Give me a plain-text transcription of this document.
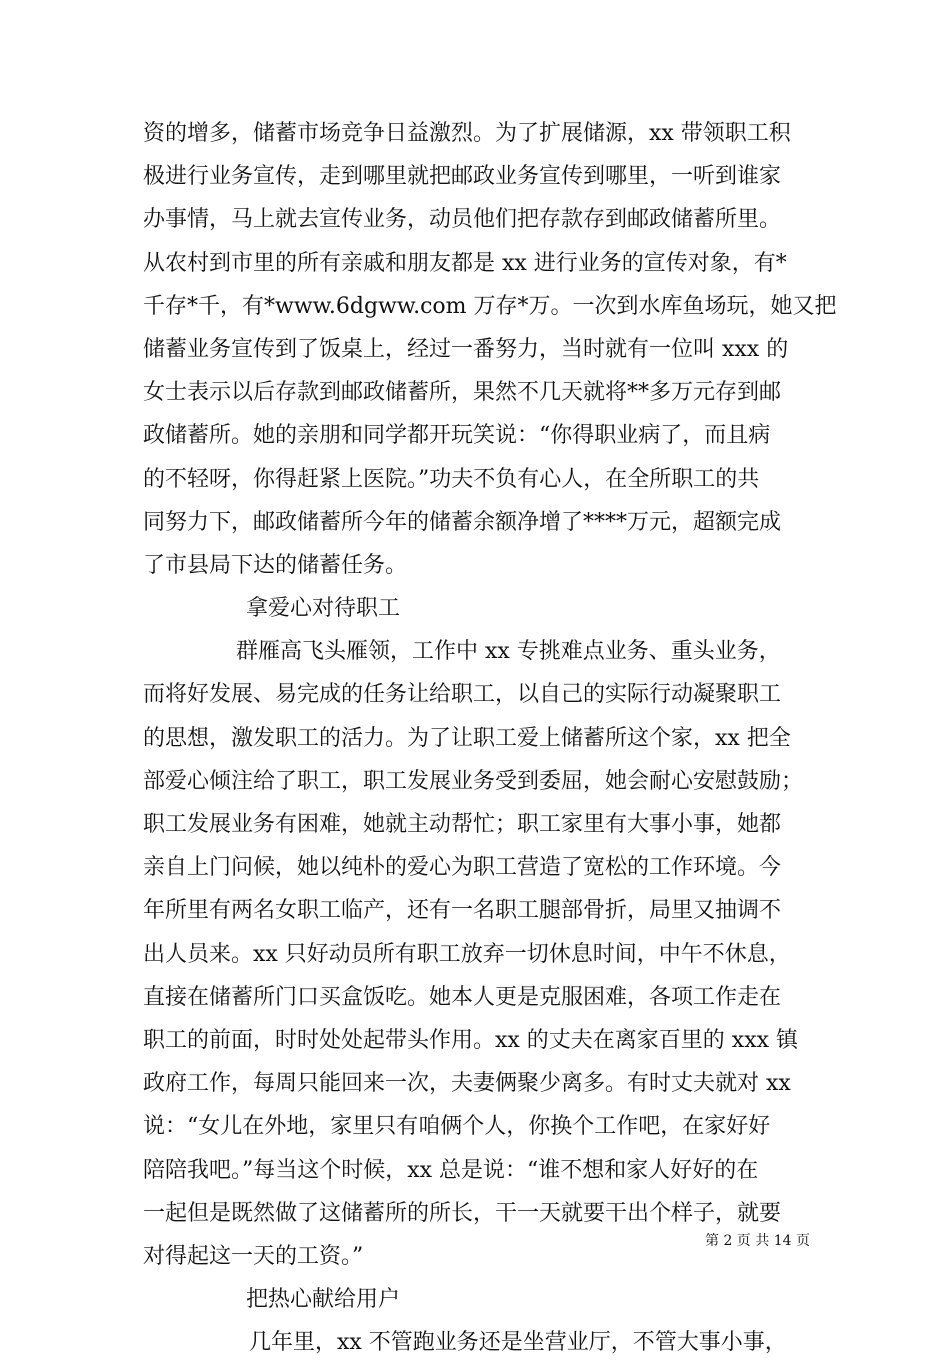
资的增多，储蓄市场竞争日益激烈。为了扩展储源，xx 带领职工积
极进行业务宣传，走到哪里就把邮政业务宣传到哪里，一听到谁家
办事情，马上就去宣传业务，动员他们把存款存到邮政储蓄所里。
从农村到市里的所有亲戚和朋友都是 xx 进行业务的宣传对象，有*
千存*千，有*www.6dgww.com 万存*万。一次到水库鱼场玩，她又把
储蓄业务宣传到了饭桌上，经过一番努力，当时就有一位叫 xxx 的
女士表示以后存款到邮政储蓄所，果然不几天就将**多万元存到邮
政储蓄所。她的亲朋和同学都开玩笑说：“你得职业病了，而且病
的不轻呀，你得赶紧上医院。”功夫不负有心人，在全所职工的共
同努力下，邮政储蓄所今年的储蓄余额净增了****万元，超额完成
了市县局下达的储蓄任务。
拿爱心对待职工
群雁高飞头雁领，工作中 xx 专挑难点业务、重头业务，
而将好发展、易完成的任务让给职工，以自己的实际行动凝聚职工
的思想，激发职工的活力。为了让职工爱上储蓄所这个家，xx 把全
部爱心倾注给了职工，职工发展业务受到委屈，她会耐心安慰鼓励；
职工发展业务有困难，她就主动帮忙；职工家里有大事小事，她都
亲自上门问候，她以纯朴的爱心为职工营造了宽松的工作环境。今
年所里有两名女职工临产，还有一名职工腿部骨折，局里又抽调不
出人员来。xx 只好动员所有职工放弃一切休息时间，中午不休息，
直接在储蓄所门口买盒饭吃。她本人更是克服困难，各项工作走在
职工的前面，时时处处起带头作用。xx 的丈夫在离家百里的 xxx 镇
政府工作，每周只能回来一次，夫妻俩聚少离多。有时丈夫就对 xx
说：“女儿在外地，家里只有咱俩个人，你换个工作吧，在家好好
陪陪我吧。”每当这个时候，xx 总是说：“谁不想和家人好好的在
一起但是既然做了这储蓄所的所长，干一天就要干出个样子，就要
对得起这一天的工资。”
把热心献给用户
几年里，xx 不管跑业务还是坐营业厅，不管大事小事，
第 2 页 共 14 页
